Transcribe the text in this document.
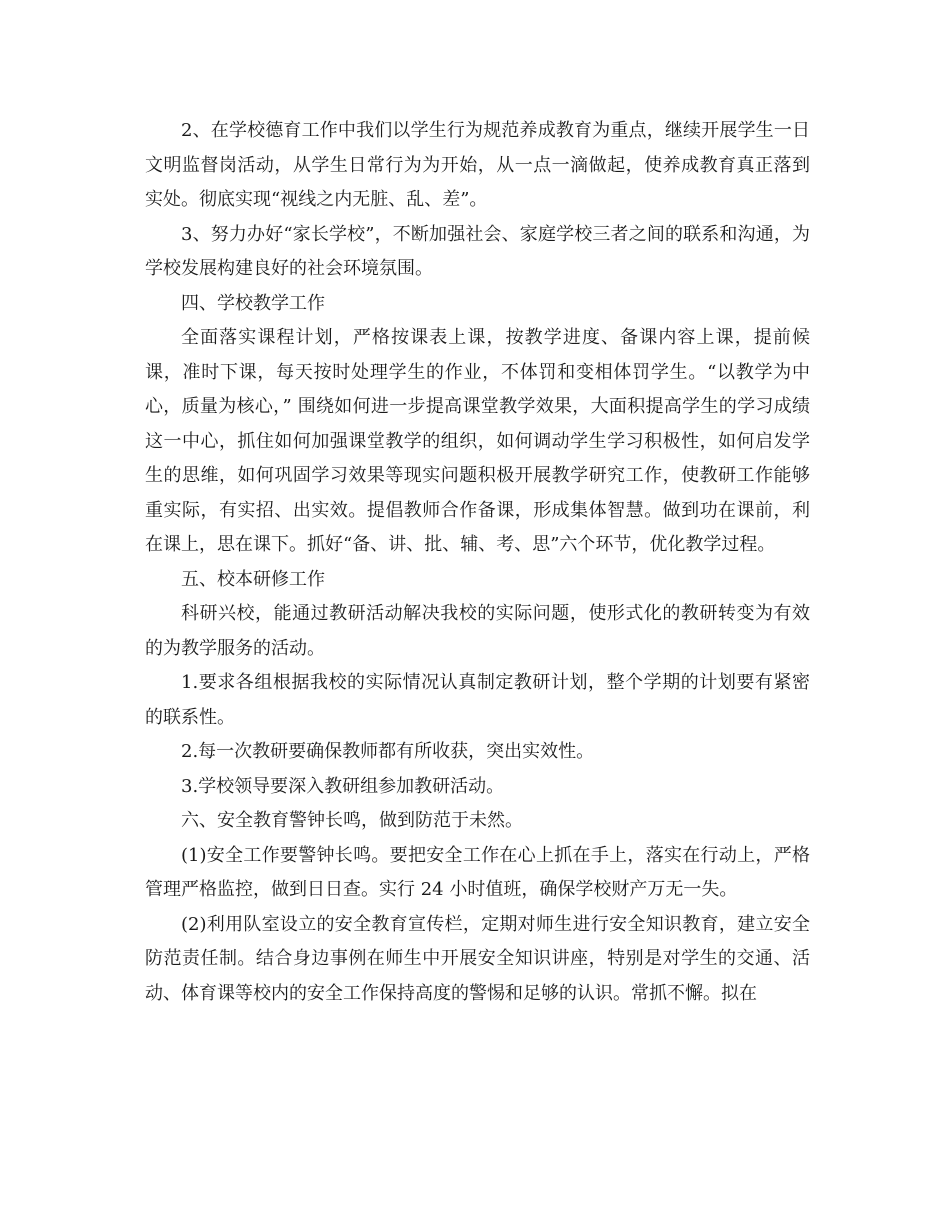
2、在学校德育工作中我们以学生行为规范养成教育为重点，继续开展学生一日文明监督岗活动，从学生日常行为为开始，从一点一滴做起，使养成教育真正落到实处。彻底实现“视线之内无脏、乱、差”。

3、努力办好“家长学校”，不断加强社会、家庭学校三者之间的联系和沟通，为学校发展构建良好的社会环境氛围。

四、学校教学工作

全面落实课程计划，严格按课表上课，按教学进度、备课内容上课，提前候课，准时下课，每天按时处理学生的作业，不体罚和变相体罚学生。“以教学为中心，质量为核心，” 围绕如何进一步提高课堂教学效果，大面积提高学生的学习成绩这一中心，抓住如何加强课堂教学的组织，如何调动学生学习积极性，如何启发学生的思维，如何巩固学习效果等现实问题积极开展教学研究工作，使教研工作能够重实际，有实招、出实效。提倡教师合作备课，形成集体智慧。做到功在课前，利在课上，思在课下。抓好“备、讲、批、辅、考、思”六个环节，优化教学过程。

五、校本研修工作

科研兴校，能通过教研活动解决我校的实际问题，使形式化的教研转变为有效的为教学服务的活动。

1.要求各组根据我校的实际情况认真制定教研计划，整个学期的计划要有紧密的联系性。

2.每一次教研要确保教师都有所收获，突出实效性。

3.学校领导要深入教研组参加教研活动。

六、安全教育警钟长鸣，做到防范于未然。

(1)安全工作要警钟长鸣。要把安全工作在心上抓在手上，落实在行动上，严格管理严格监控，做到日日查。实行 24 小时值班，确保学校财产万无一失。

(2)利用队室设立的安全教育宣传栏，定期对师生进行安全知识教育，建立安全防范责任制。结合身边事例在师生中开展安全知识讲座，特别是对学生的交通、活动、体育课等校内的安全工作保持高度的警惕和足够的认识。常抓不懈。拟在
